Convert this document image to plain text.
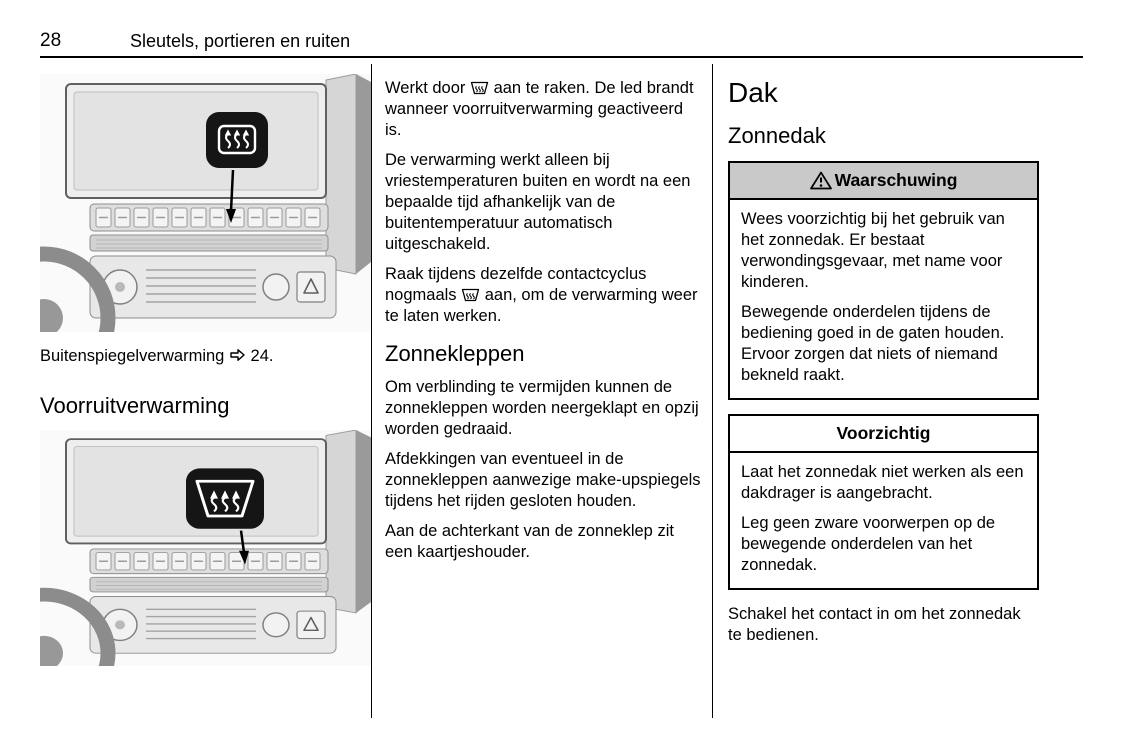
28	Sleutels, portieren en ruiten

Buitenspiegelverwarming 24.

Voorruitverwarming

Werkt door aan te raken. De led brandt wanneer voorruitverwarming geactiveerd is.

De verwarming werkt alleen bij vriestemperaturen buiten en wordt na een bepaalde tijd afhankelijk van de buitentemperatuur automatisch uitgeschakeld.

Raak tijdens dezelfde contactcyclus nogmaals aan, om de verwarming weer te laten werken.

Zonnekleppen

Om verblinding te vermijden kunnen de zonnekleppen worden neergeklapt en opzij worden gedraaid.

Afdekkingen van eventueel in de zonnekleppen aanwezige make-upspiegels tijdens het rijden gesloten houden.

Aan de achterkant van de zonneklep zit een kaartjeshouder.

Dak
Zonnedak
Waarschuwing

Wees voorzichtig bij het gebruik van het zonnedak. Er bestaat verwondingsgevaar, met name voor kinderen.

Bewegende onderdelen tijdens de bediening goed in de gaten houden. Ervoor zorgen dat niets of niemand bekneld raakt.

Voorzichtig

Laat het zonnedak niet werken als een dakdrager is aangebracht.

Leg geen zware voorwerpen op de bewegende onderdelen van het zonnedak.

Schakel het contact in om het zonnedak te bedienen.
